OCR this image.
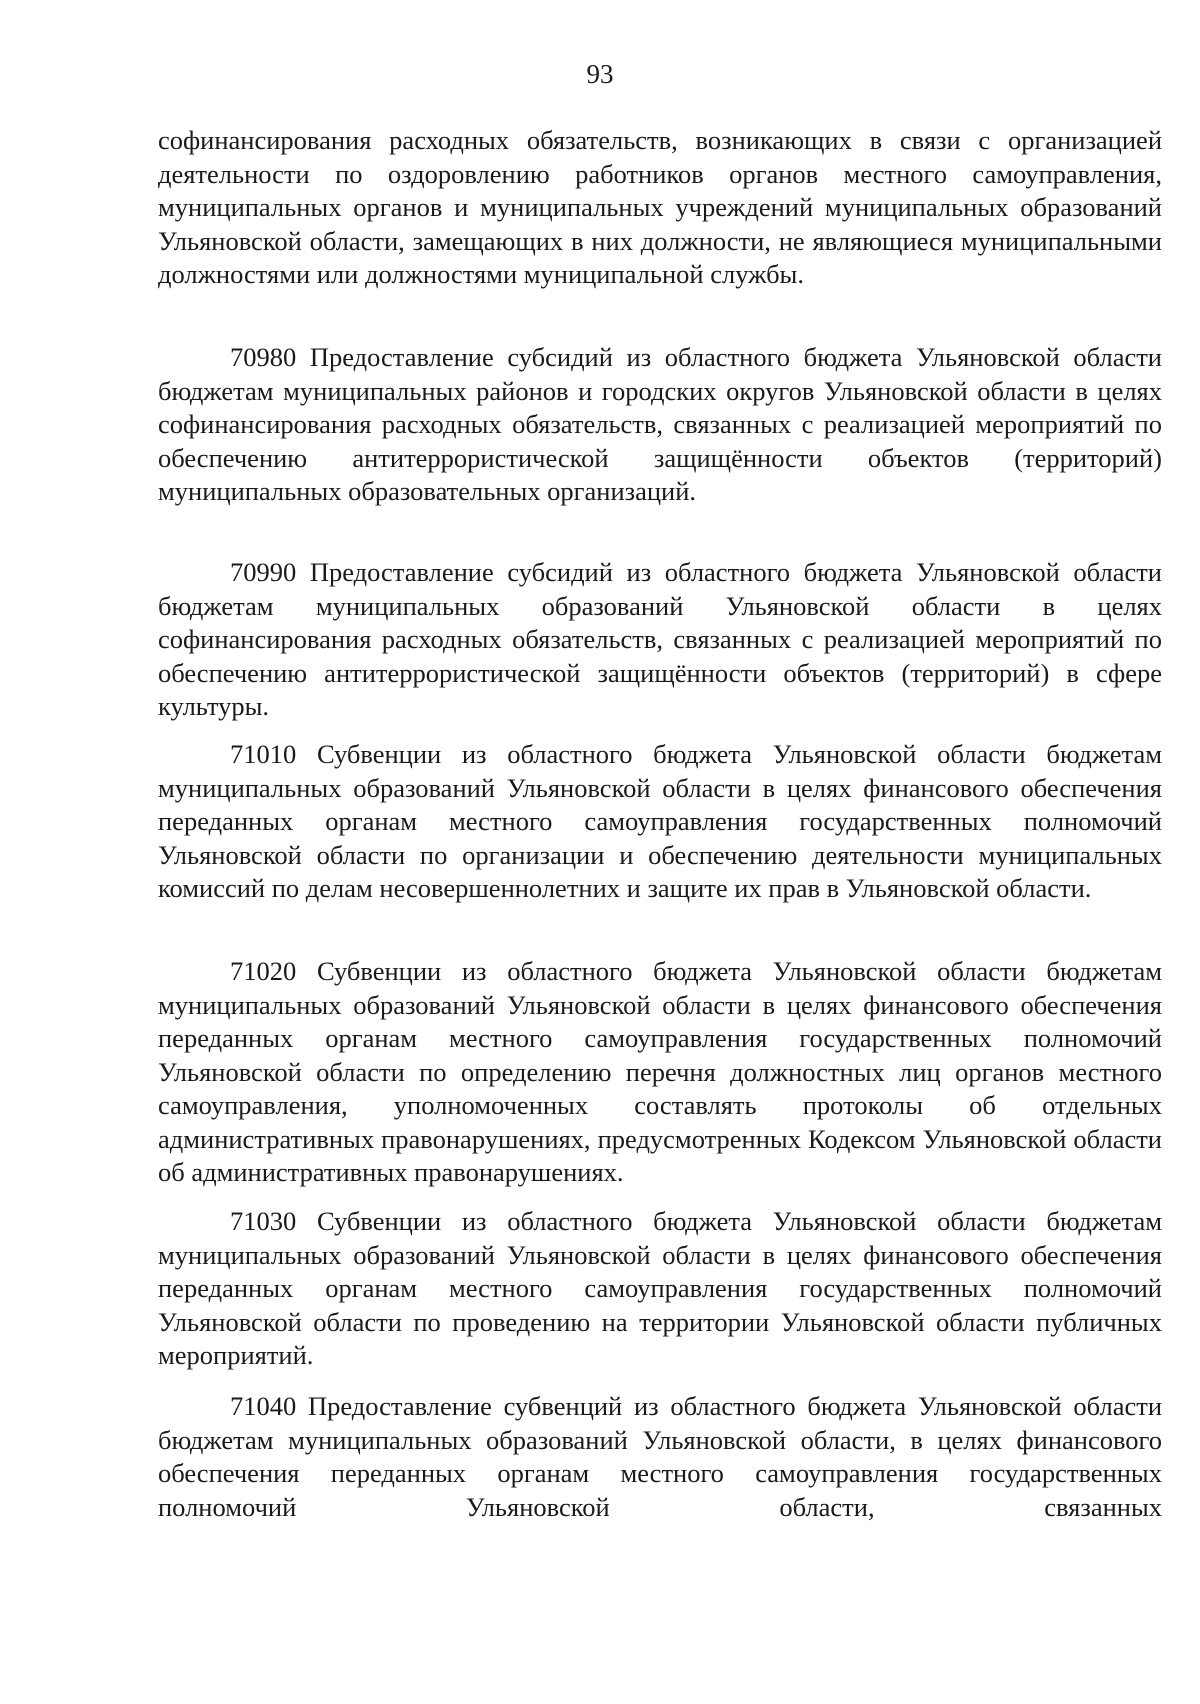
93

софинансирования расходных обязательств, возникающих в связи с организацией деятельности по оздоровлению работников органов местного самоуправления, муниципальных органов и муниципальных учреждений муниципальных образований Ульяновской области, замещающих в них должности, не являющиеся муниципальными должностями или должностями муниципальной службы.

70980 Предоставление субсидий из областного бюджета Ульяновской области бюджетам муниципальных районов и городских округов Ульяновской области в целях софинансирования расходных обязательств, связанных с реализацией мероприятий по обеспечению антитеррористической защищённости объектов (территорий) муниципальных образовательных организаций.

70990 Предоставление субсидий из областного бюджета Ульяновской области бюджетам муниципальных образований Ульяновской области в целях софинансирования расходных обязательств, связанных с реализацией мероприятий по обеспечению антитеррористической защищённости объектов (территорий) в сфере культуры.

71010 Субвенции из областного бюджета Ульяновской области бюджетам муниципальных образований Ульяновской области в целях финансового обеспечения переданных органам местного самоуправления государственных полномочий Ульяновской области по организации и обеспечению деятельности муниципальных комиссий по делам несовершеннолетних и защите их прав в Ульяновской области.

71020 Субвенции из областного бюджета Ульяновской области бюджетам муниципальных образований Ульяновской области в целях финансового обеспечения переданных органам местного самоуправления государственных полномочий Ульяновской области по определению перечня должностных лиц органов местного самоуправления, уполномоченных составлять протоколы об отдельных административных правонарушениях, предусмотренных Кодексом Ульяновской области об административных правонарушениях.

71030 Субвенции из областного бюджета Ульяновской области бюджетам муниципальных образований Ульяновской области в целях финансового обеспечения переданных органам местного самоуправления государственных полномочий Ульяновской области по проведению на территории Ульяновской области публичных мероприятий.

71040 Предоставление субвенций из областного бюджета Ульяновской области бюджетам муниципальных образований Ульяновской области, в целях финансового обеспечения переданных органам местного самоуправления государственных полномочий Ульяновской области, связанных
